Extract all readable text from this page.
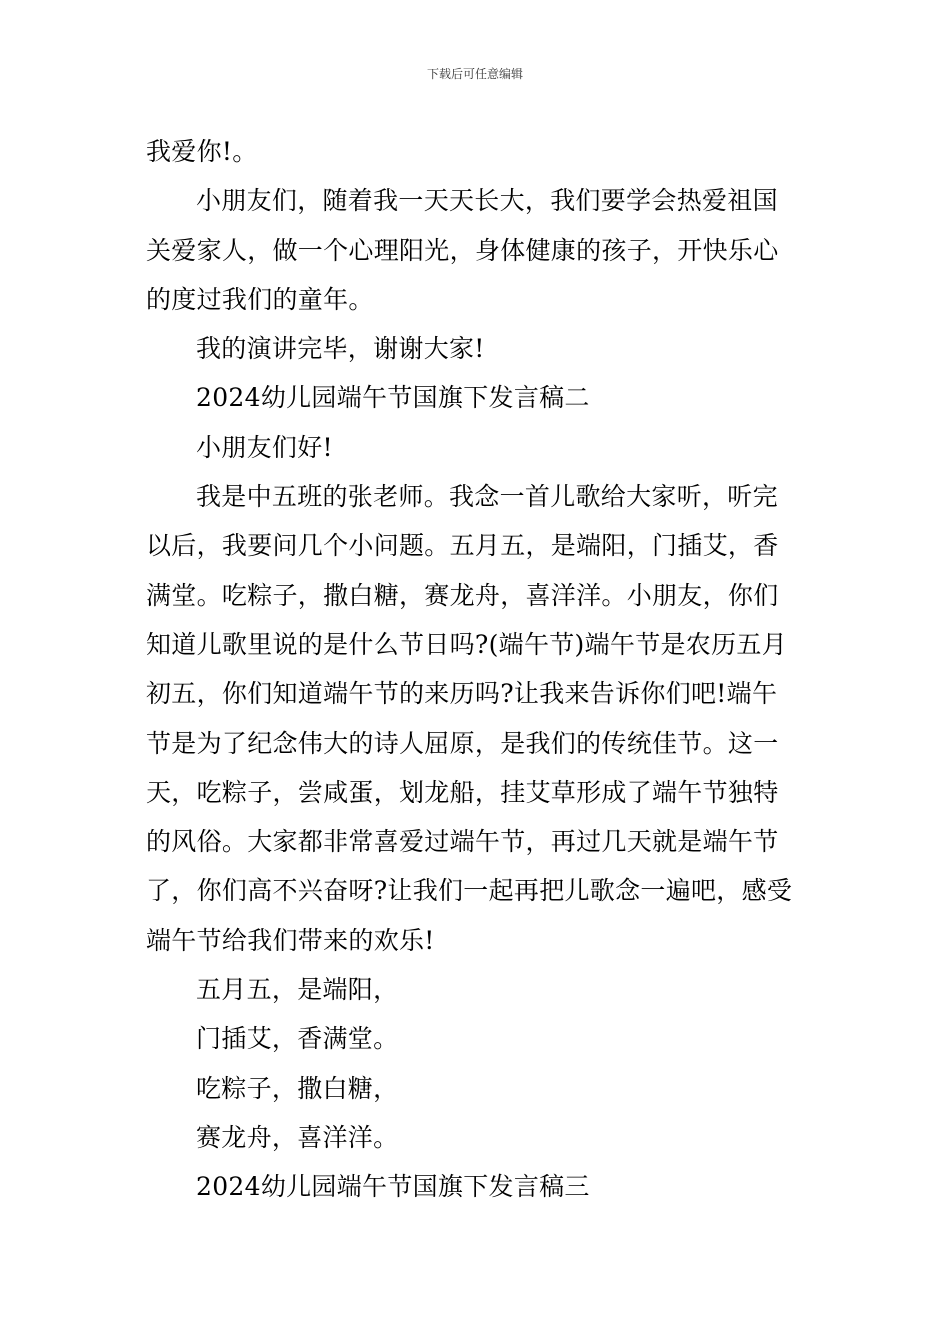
下载后可任意编辑
我爱你!。
小朋友们，随着我一天天长大，我们要学会热爱祖国
关爱家人，做一个心理阳光，身体健康的孩子，开快乐心
的度过我们的童年。
我的演讲完毕，谢谢大家!
2024幼儿园端午节国旗下发言稿二
小朋友们好!
我是中五班的张老师。我念一首儿歌给大家听，听完
以后，我要问几个小问题。五月五，是端阳，门插艾，香
满堂。吃粽子，撒白糖，赛龙舟，喜洋洋。小朋友，你们
知道儿歌里说的是什么节日吗?(端午节)端午节是农历五月
初五，你们知道端午节的来历吗?让我来告诉你们吧!端午
节是为了纪念伟大的诗人屈原，是我们的传统佳节。这一
天，吃粽子，尝咸蛋，划龙船，挂艾草形成了端午节独特
的风俗。大家都非常喜爱过端午节，再过几天就是端午节
了，你们高不兴奋呀?让我们一起再把儿歌念一遍吧，感受
端午节给我们带来的欢乐!
五月五，是端阳，
门插艾，香满堂。
吃粽子，撒白糖，
赛龙舟，喜洋洋。
2024幼儿园端午节国旗下发言稿三
